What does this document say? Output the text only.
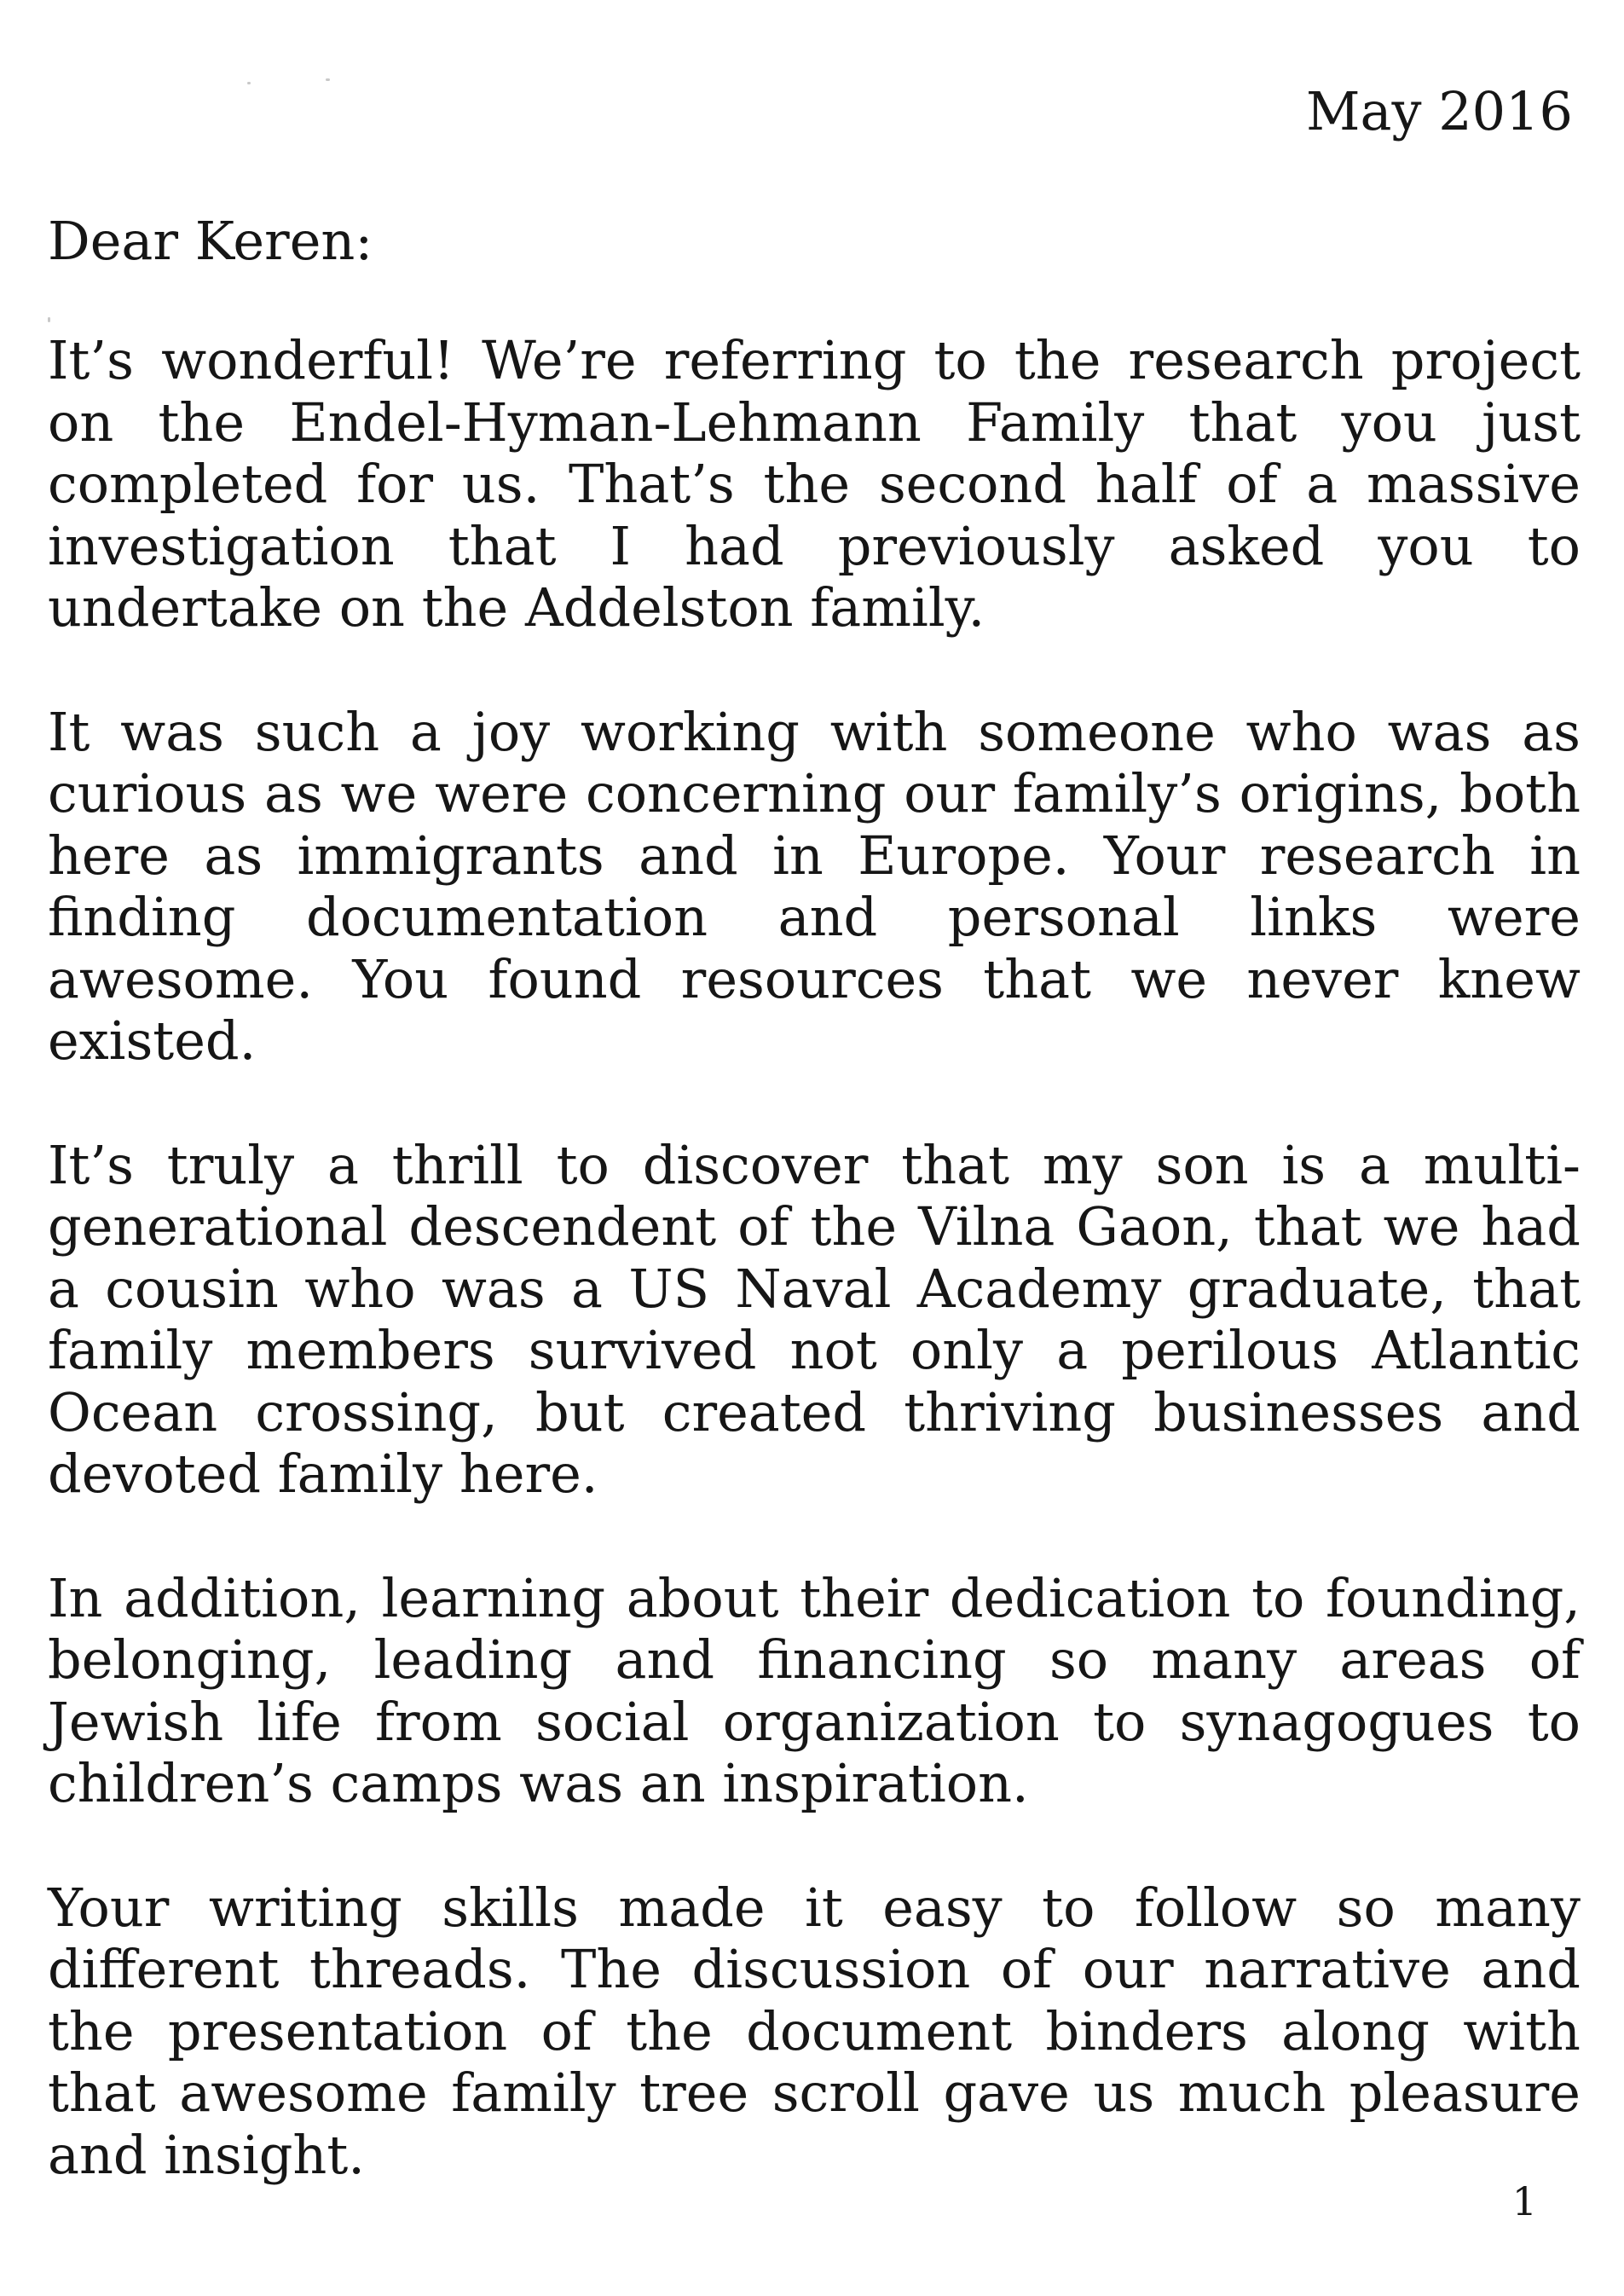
May 2016

Dear Keren:

It’s wonderful! We’re referring to the research project on the Endel-Hyman-Lehmann Family that you just completed for us. That’s the second half of a massive investigation that I had previously asked you to undertake on the Addelston family.

It was such a joy working with someone who was as curious as we were concerning our family’s origins, both here as immigrants and in Europe. Your research in finding documentation and personal links were awesome. You found resources that we never knew existed.

It’s truly a thrill to discover that my son is a multi-generational descendent of the Vilna Gaon, that we had a cousin who was a US Naval Academy graduate, that family members survived not only a perilous Atlantic Ocean crossing, but created thriving businesses and devoted family here.

In addition, learning about their dedication to founding, belonging, leading and financing so many areas of Jewish life from social organization to synagogues to children’s camps was an inspiration.

Your writing skills made it easy to follow so many different threads. The discussion of our narrative and the presentation of the document binders along with that awesome family tree scroll gave us much pleasure and insight.

1
